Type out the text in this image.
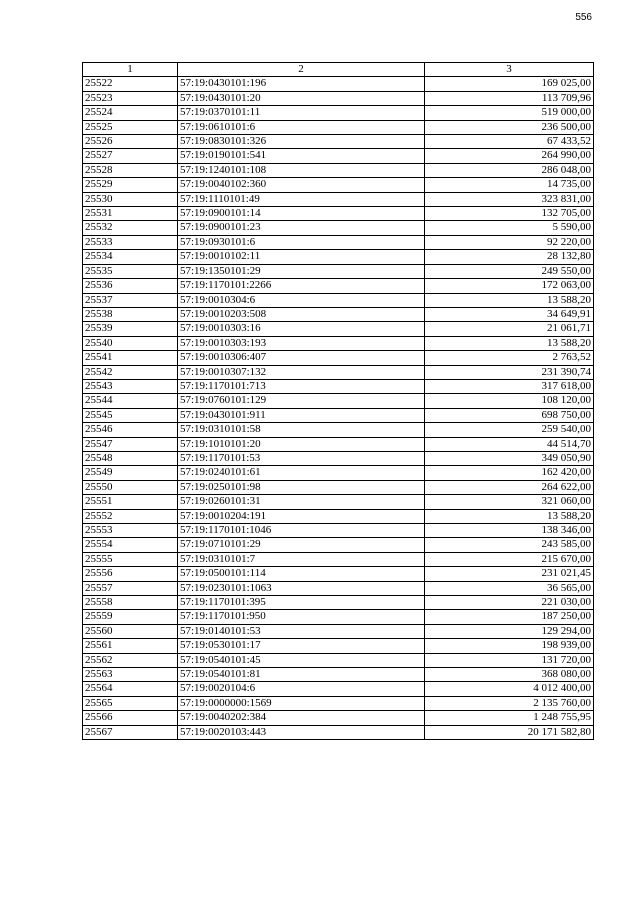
556
1	2	3
25522	57:19:0430101:196	169 025,00
25523	57:19:0430101:20	113 709,96
25524	57:19:0370101:11	519 000,00
25525	57:19:0610101:6	236 500,00
25526	57:19:0830101:326	67 433,52
25527	57:19:0190101:541	264 990,00
25528	57:19:1240101:108	286 048,00
25529	57:19:0040102:360	14 735,00
25530	57:19:1110101:49	323 831,00
25531	57:19:0900101:14	132 705,00
25532	57:19:0900101:23	5 590,00
25533	57:19:0930101:6	92 220,00
25534	57:19:0010102:11	28 132,80
25535	57:19:1350101:29	249 550,00
25536	57:19:1170101:2266	172 063,00
25537	57:19:0010304:6	13 588,20
25538	57:19:0010203:508	34 649,91
25539	57:19:0010303:16	21 061,71
25540	57:19:0010303:193	13 588,20
25541	57:19:0010306:407	2 763,52
25542	57:19:0010307:132	231 390,74
25543	57:19:1170101:713	317 618,00
25544	57:19:0760101:129	108 120,00
25545	57:19:0430101:911	698 750,00
25546	57:19:0310101:58	259 540,00
25547	57:19:1010101:20	44 514,70
25548	57:19:1170101:53	349 050,90
25549	57:19:0240101:61	162 420,00
25550	57:19:0250101:98	264 622,00
25551	57:19:0260101:31	321 060,00
25552	57:19:0010204:191	13 588,20
25553	57:19:1170101:1046	138 346,00
25554	57:19:0710101:29	243 585,00
25555	57:19:0310101:7	215 670,00
25556	57:19:0500101:114	231 021,45
25557	57:19:0230101:1063	36 565,00
25558	57:19:1170101:395	221 030,00
25559	57:19:1170101:950	187 250,00
25560	57:19:0140101:53	129 294,00
25561	57:19:0530101:17	198 939,00
25562	57:19:0540101:45	131 720,00
25563	57:19:0540101:81	368 080,00
25564	57:19:0020104:6	4 012 400,00
25565	57:19:0000000:1569	2 135 760,00
25566	57:19:0040202:384	1 248 755,95
25567	57:19:0020103:443	20 171 582,80
